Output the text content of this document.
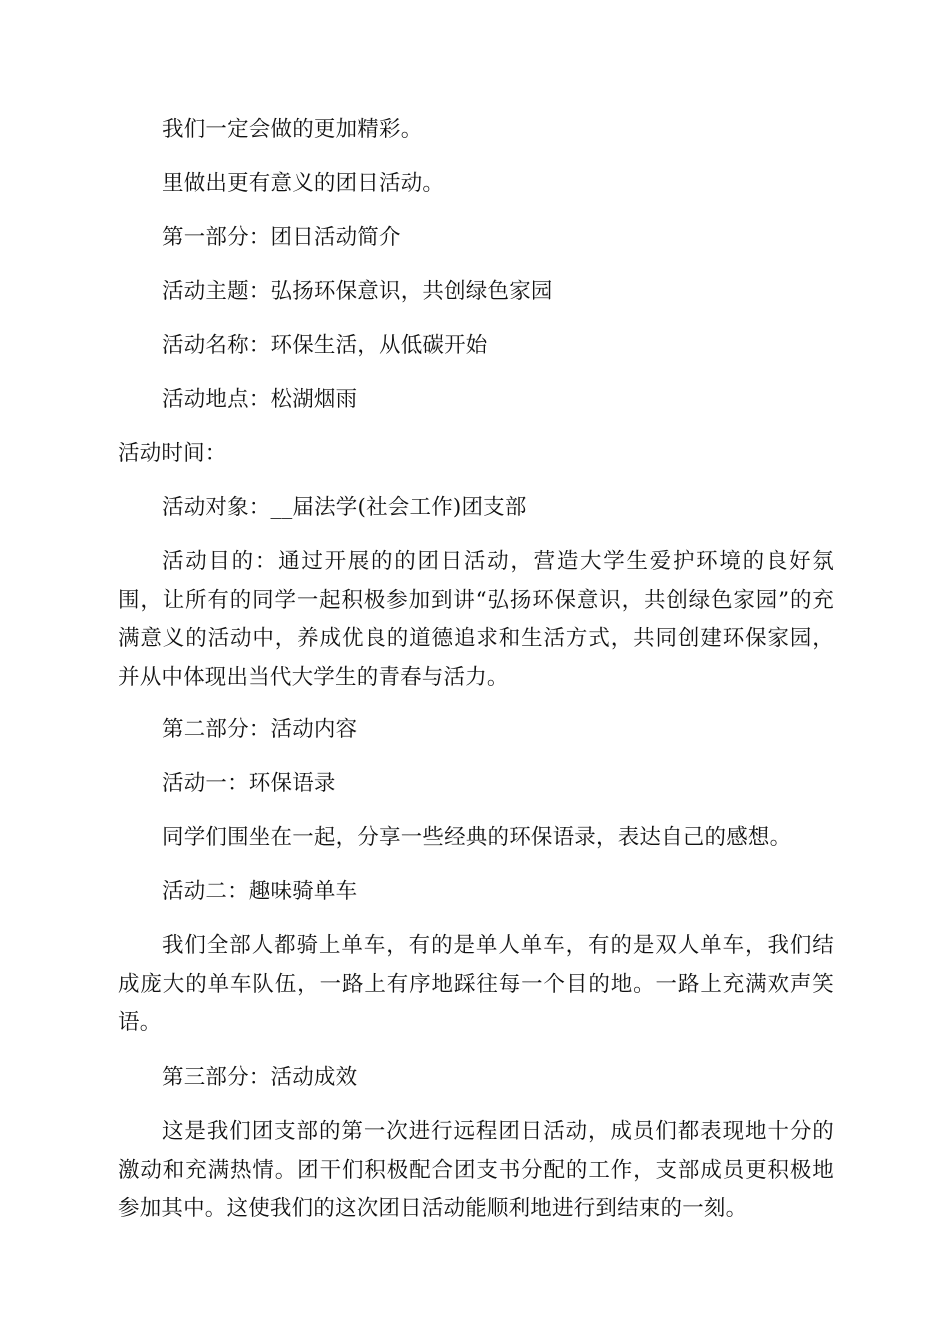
我们一定会做的更加精彩。
里做出更有意义的团日活动。
第一部分：团日活动简介
活动主题：弘扬环保意识，共创绿色家园
活动名称：环保生活，从低碳开始
活动地点：松湖烟雨
活动时间：
活动对象：__届法学(社会工作)团支部
活动目的：通过开展的的团日活动，营造大学生爱护环境的良好氛围，让所有的同学一起积极参加到讲“弘扬环保意识，共创绿色家园”的充满意义的活动中，养成优良的道德追求和生活方式，共同创建环保家园，并从中体现出当代大学生的青春与活力。
第二部分：活动内容
活动一：环保语录
同学们围坐在一起，分享一些经典的环保语录，表达自己的感想。
活动二：趣味骑单车
我们全部人都骑上单车，有的是单人单车，有的是双人单车，我们结成庞大的单车队伍，一路上有序地踩往每一个目的地。一路上充满欢声笑语。
第三部分：活动成效
这是我们团支部的第一次进行远程团日活动，成员们都表现地十分的激动和充满热情。团干们积极配合团支书分配的工作，支部成员更积极地参加其中。这使我们的这次团日活动能顺利地进行到结束的一刻。
